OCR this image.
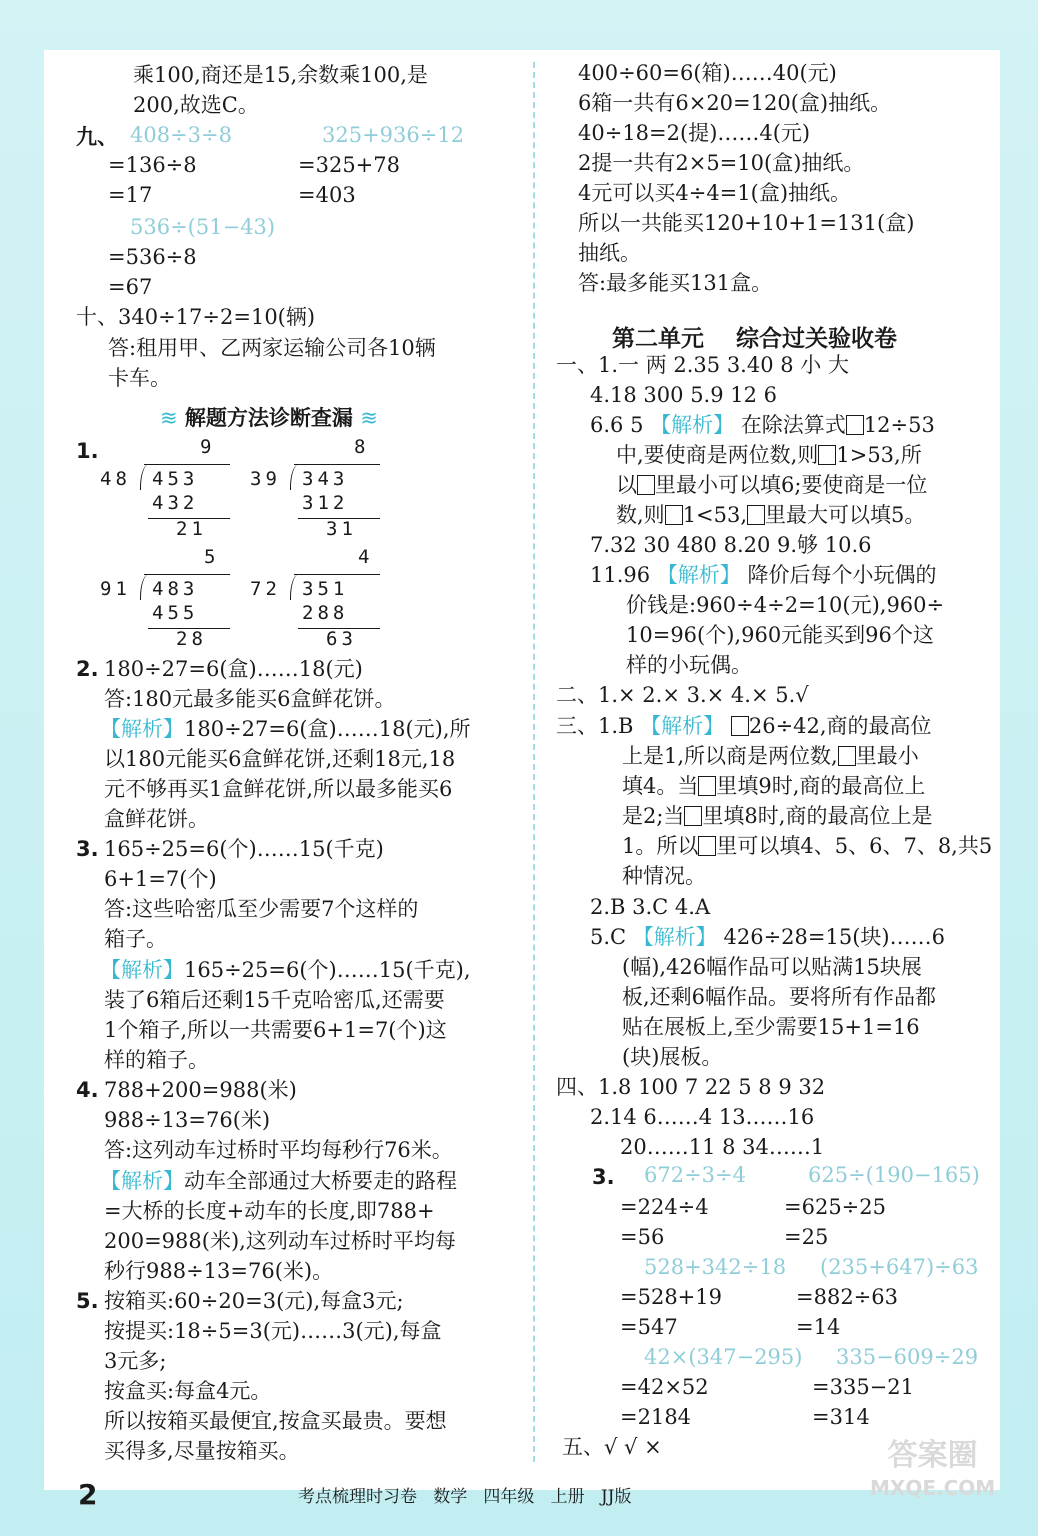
乘100,商还是15,余数乘100,是
200,故选C。
九、 408÷3÷8	325+936÷12
=136÷8	=325+78
=17	=403
536÷(51−43)
=536÷8
=67
十、340÷17÷2=10(辆)
答:租用甲、乙两家运输公司各10辆
卡车。
≋ 解题方法诊断查漏 ≋
1.	9
48 453
432
21
8
39 343
312
31
5
91 483
455
28
4
72 351
288
63
2. 180÷27=6(盒)……18(元)
答:180元最多能买6盒鲜花饼。
【解析】 180÷27=6(盒)……18(元),所
以180元能买6盒鲜花饼,还剩18元,18
元不够再买1盒鲜花饼,所以最多能买6
盒鲜花饼。
3. 165÷25=6(个)……15(千克)
6+1=7(个)
答:这些哈密瓜至少需要7个这样的
箱子。
【解析】 165÷25=6(个)……15(千克),
装了6箱后还剩15千克哈密瓜,还需要
1个箱子,所以一共需要6+1=7(个)这
样的箱子。
4. 788+200=988(米)
988÷13=76(米)
答:这列动车过桥时平均每秒行76米。
【解析】 动车全部通过大桥要走的路程
=大桥的长度+动车的长度,即788+
200=988(米),这列动车过桥时平均每
秒行988÷13=76(米)。
5. 按箱买:60÷20=3(元),每盒3元;
按提买:18÷5=3(元)……3(元),每盒
3元多;
按盒买:每盒4元。
所以按箱买最便宜,按盒买最贵。要想
买得多,尽量按箱买。
400÷60=6(箱)……40(元)
6箱一共有6×20=120(盒)抽纸。
40÷18=2(提)……4(元)
2提一共有2×5=10(盒)抽纸。
4元可以买4÷4=1(盒)抽纸。
所以一共能买120+10+1=131(盒)
抽纸。
答:最多能买131盒。
第二单元    综合过关验收卷
一、1.一 两 2.35 3.40 8 小 大
4.18 300 5.9 12 6
6.6 5 【解析】 在除法算式 12÷53
中,要使商是两位数,则 1>53,所
以 里最小可以填6;要使商是一位
数,则 1<53, 里最大可以填5。
7.32 30 480 8.20 9.够 10.6
11.96 【解析】 降价后每个小玩偶的
价钱是:960÷4÷2=10(元),960÷
10=96(个),960元能买到96个这
样的小玩偶。
二、1.× 2.× 3.× 4.× 5.√
三、1.B 【解析】 26÷42,商的最高位
上是1,所以商是两位数, 里最小
填4。当 里填9时,商的最高位上
是2;当 里填8时,商的最高位上是
1。所以 里可以填4、5、6、7、8,共5
种情况。
2.B 3.C 4.A
5.C 【解析】 426÷28=15(块)……6
(幅),426幅作品可以贴满15块展
板,还剩6幅作品。要将所有作品都
贴在展板上,至少需要15+1=16
(块)展板。
四、1.8 100 7 22 5 8 9 32
2.14 6……4 13……16
20……11 8 34……1
3. 672÷3÷4	625÷(190−165)
=224÷4	=625÷25
=56	=25
528+342÷18 (235+647)÷63
=528+19	=882÷63
=547	=14
42×(347−295) 335−609÷29
=42×52	=335−21
=2184	=314
五、√ √ ×
2	考点梳理时习卷   数学   四年级   上册   JJ版
答案圈
MXQE.COM
